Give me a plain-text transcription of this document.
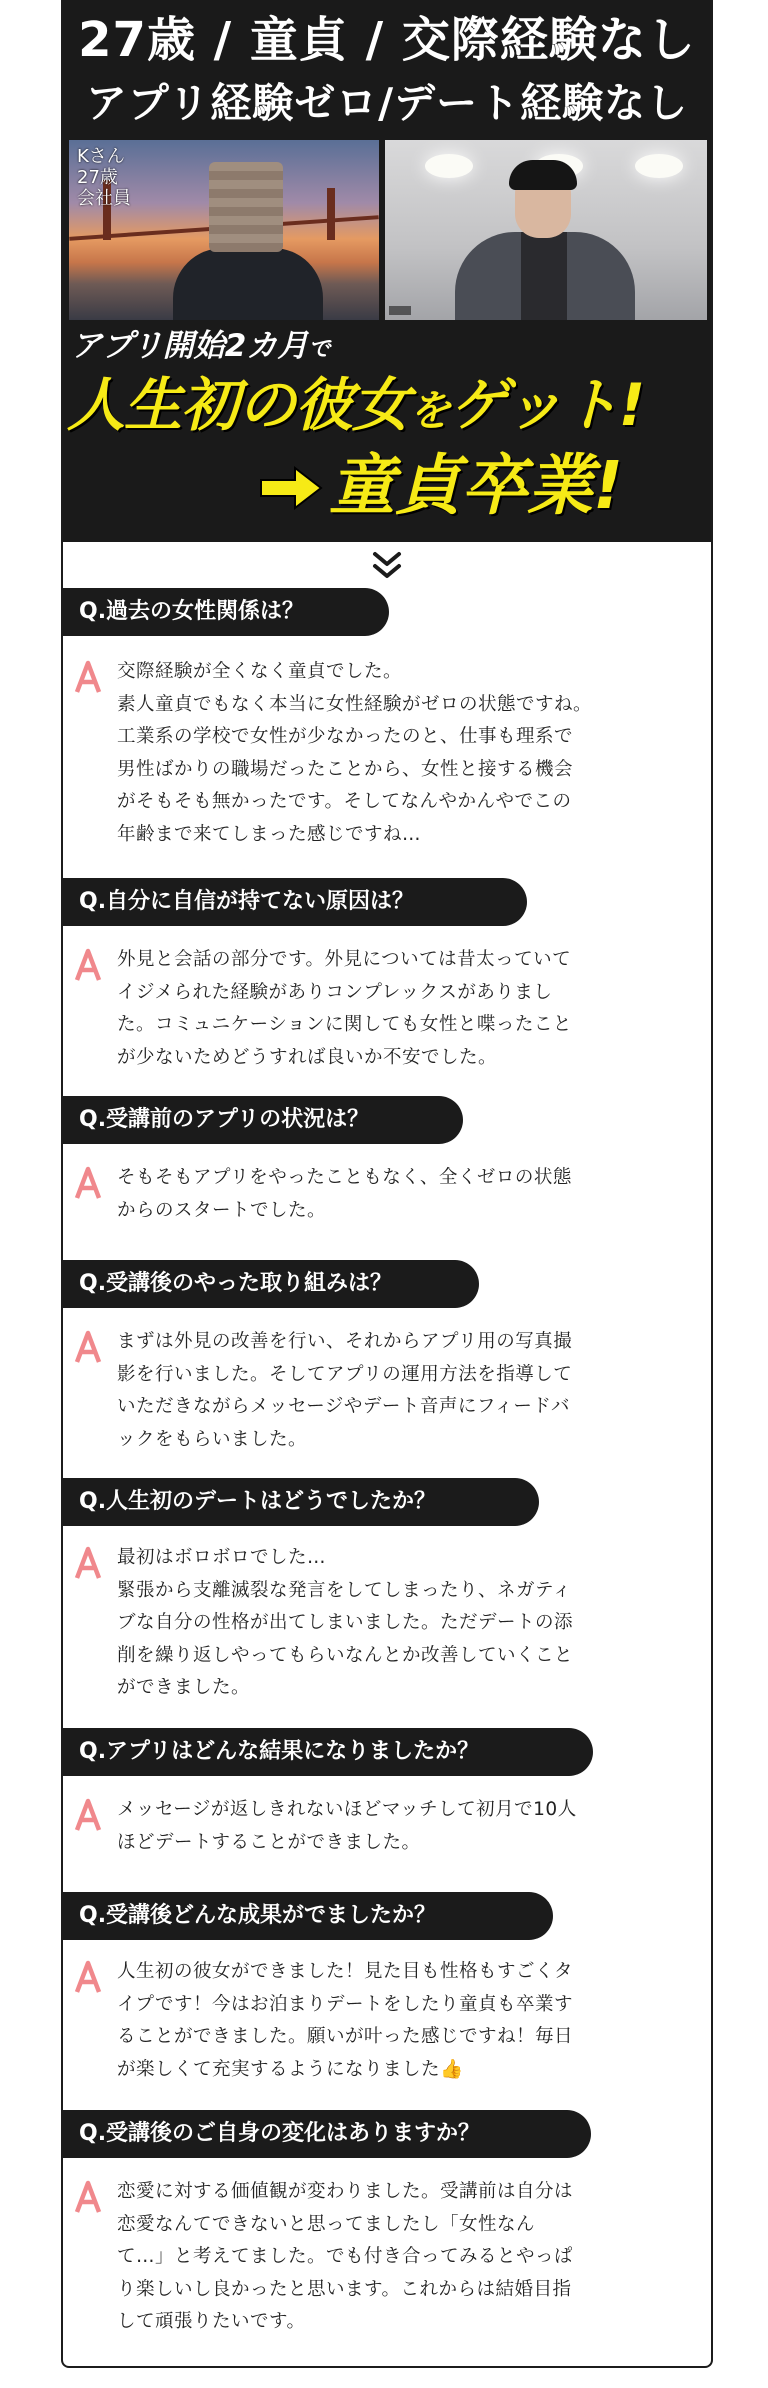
27歳 / 童貞 / 交際経験なし
アプリ経験ゼロ/デート経験なし
Kさん
27歳
会社員

アプリ開始2カ月で
人生初の彼女をゲット!
童貞卒業!
Q.過去の女性関係は？
交際経験が全くなく童貞でした。
素人童貞でもなく本当に女性経験がゼロの状態ですね。
工業系の学校で女性が少なかったのと、仕事も理系で
男性ばかりの職場だったことから、女性と接する機会
がそもそも無かったです。そしてなんやかんやでこの
年齢まで来てしまった感じですね…
Q.自分に自信が持てない原因は？
外見と会話の部分です。外見については昔太っていて
イジメられた経験がありコンプレックスがありまし
た。コミュニケーションに関しても女性と喋ったこと
が少ないためどうすれば良いか不安でした。
Q.受講前のアプリの状況は？
そもそもアプリをやったこともなく、全くゼロの状態
からのスタートでした。
Q.受講後のやった取り組みは？
まずは外見の改善を行い、それからアプリ用の写真撮
影を行いました。そしてアプリの運用方法を指導して
いただきながらメッセージやデート音声にフィードバ
ックをもらいました。
Q.人生初のデートはどうでしたか？
最初はボロボロでした…
緊張から支離滅裂な発言をしてしまったり、ネガティ
ブな自分の性格が出てしまいました。ただデートの添
削を繰り返しやってもらいなんとか改善していくこと
ができました。
Q.アプリはどんな結果になりましたか？
メッセージが返しきれないほどマッチして初月で10人
ほどデートすることができました。
Q.受講後どんな成果がでましたか？
人生初の彼女ができました！見た目も性格もすごくタ
イプです！今はお泊まりデートをしたり童貞も卒業す
ることができました。願いが叶った感じですね！毎日
が楽しくて充実するようになりました👍
Q.受講後のご自身の変化はありますか？
恋愛に対する価値観が変わりました。受講前は自分は
恋愛なんてできないと思ってましたし「女性なん
て…」と考えてました。でも付き合ってみるとやっぱ
り楽しいし良かったと思います。これからは結婚目指
して頑張りたいです。
